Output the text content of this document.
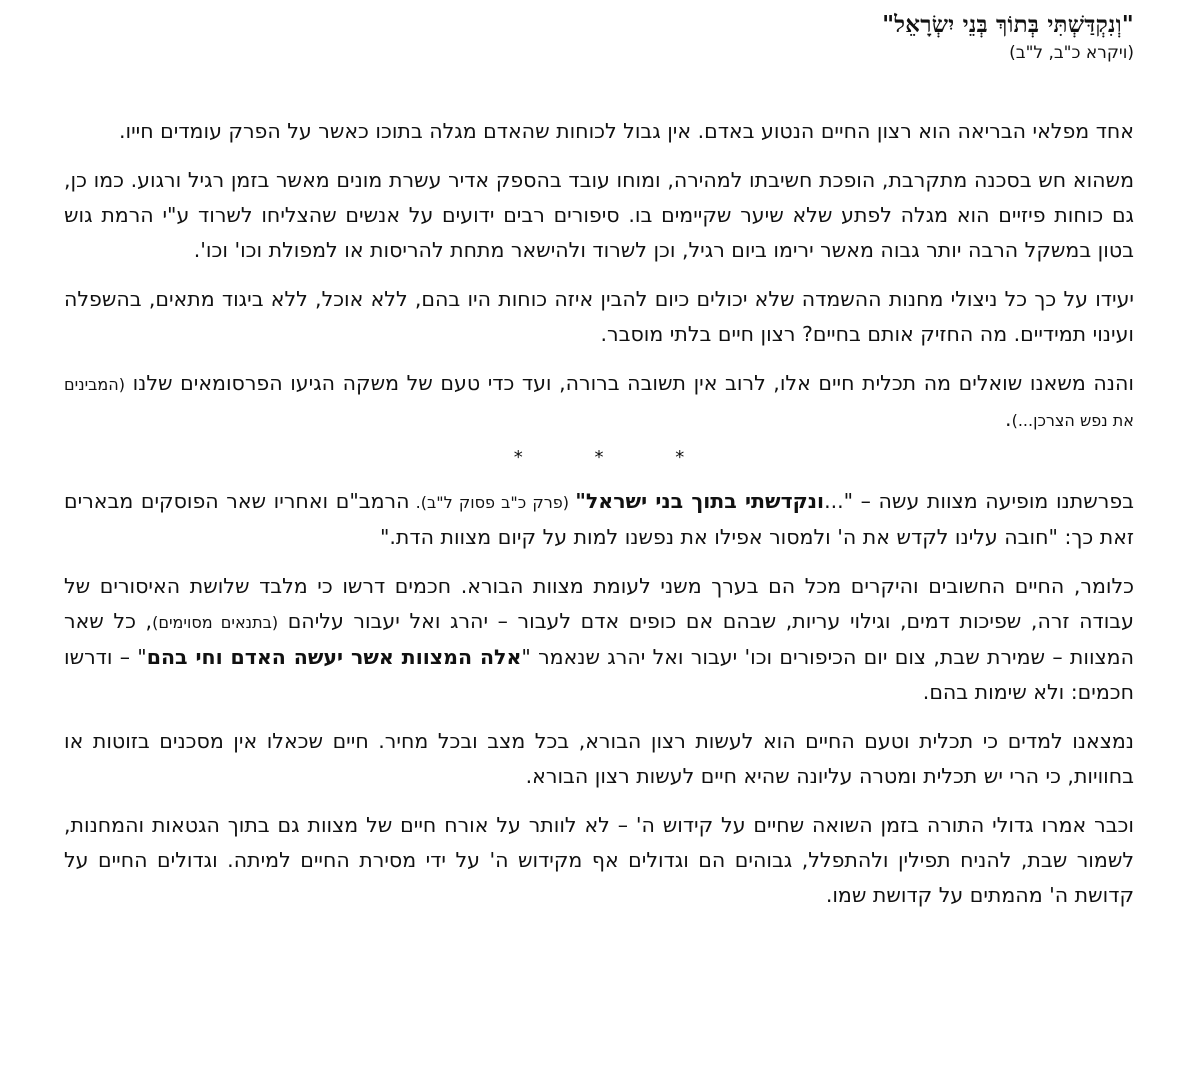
"וְנִקְדַּשְׁתִּי בְּתוֹךְ בְּנֵי יִשְׂרָאֵל"
(ויקרא כ"ב, ל"ב)

אחד מפלאי הבריאה הוא רצון החיים הנטוע באדם. אין גבול לכוחות שהאדם מגלה בתוכו כאשר על הפרק עומדים חייו.

משהוא חש בסכנה מתקרבת, הופכת חשיבתו למהירה, ומוחו עובד בהספק אדיר עשרת מונים מאשר בזמן רגיל ורגוע. כמו כן, גם כוחות פיזיים הוא מגלה לפתע שלא שיער שקיימים בו. סיפורים רבים ידועים על אנשים שהצליחו לשרוד ע"י הרמת גוש בטון במשקל הרבה יותר גבוה מאשר ירימו ביום רגיל, וכן לשרוד ולהישאר מתחת להריסות או למפולת וכו' וכו'.

יעידו על כך כל ניצולי מחנות ההשמדה שלא יכולים כיום להבין איזה כוחות היו בהם, ללא אוכל, ללא ביגוד מתאים, בהשפלה ועינוי תמידיים. מה החזיק אותם בחיים? רצון חיים בלתי מוסבר.

והנה משאנו שואלים מה תכלית חיים אלו, לרוב אין תשובה ברורה, ועד כדי טעם של משקה הגיעו הפרסומאים שלנו (המבינים את נפש הצרכן...).

* * *

בפרשתנו מופיעה מצוות עשה – "...ונקדשתי בתוך בני ישראל" (פרק כ"ב פסוק ל"ב). הרמב"ם ואחריו שאר הפוסקים מבארים זאת כך: "חובה עלינו לקדש את ה' ולמסור אפילו את נפשנו למות על קיום מצוות הדת."

כלומר, החיים החשובים והיקרים מכל הם בערך משני לעומת מצוות הבורא. חכמים דרשו כי מלבד שלושת האיסורים של עבודה זרה, שפיכות דמים, וגילוי עריות, שבהם אם כופים אדם לעבור – יהרג ואל יעבור עליהם (בתנאים מסוימים), כל שאר המצוות – שמירת שבת, צום יום הכיפורים וכו' יעבור ואל יהרג שנאמר "אלה המצוות אשר יעשה האדם וחי בהם" – ודרשו חכמים: ולא שימות בהם.

נמצאנו למדים כי תכלית וטעם החיים הוא לעשות רצון הבורא, בכל מצב ובכל מחיר. חיים שכאלו אין מסכנים בזוטות או בחוויות, כי הרי יש תכלית ומטרה עליונה שהיא חיים לעשות רצון הבורא.

וכבר אמרו גדולי התורה בזמן השואה שחיים על קידוש ה' – לא לוותר על אורח חיים של מצוות גם בתוך הגטאות והמחנות, לשמור שבת, להניח תפילין ולהתפלל, גבוהים הם וגדולים אף מקידוש ה' על ידי מסירת החיים למיתה. וגדולים החיים על קדושת ה' מהמתים על קדושת שמו.
